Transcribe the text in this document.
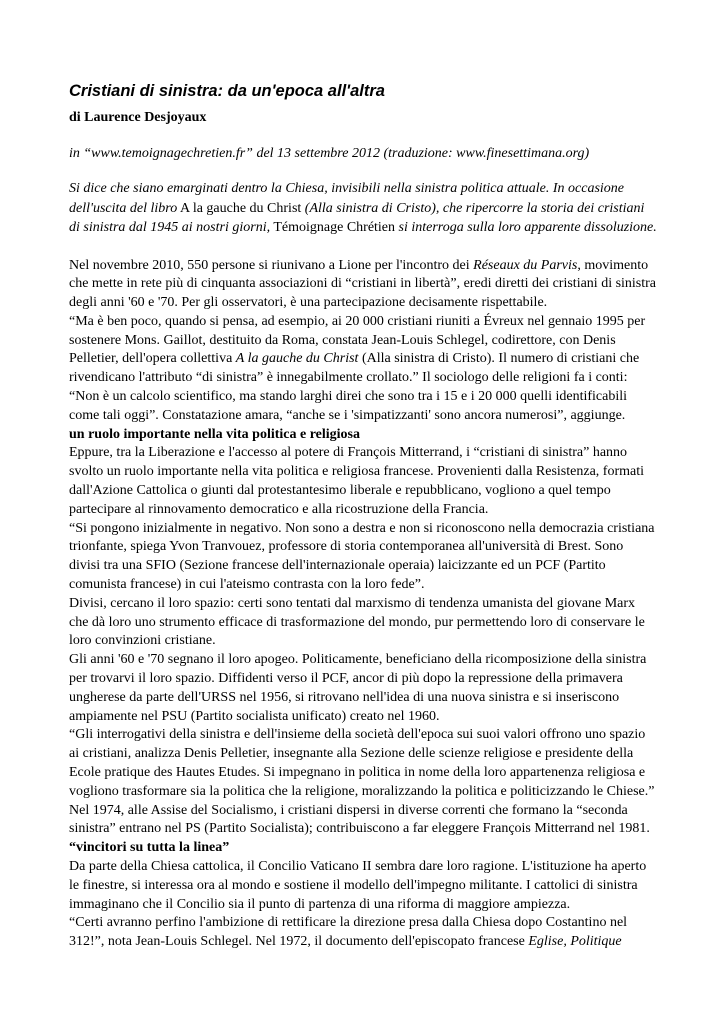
Cristiani di sinistra: da un'epoca all'altra
di Laurence Desjoyaux
in “www.temoignagechretien.fr” del 13 settembre 2012 (traduzione: www.finesettimana.org)
Si dice che siano emarginati dentro la Chiesa, invisibili nella sinistra politica attuale. In occasione dell'uscita del libro A la gauche du Christ (Alla sinistra di Cristo), che ripercorre la storia dei cristiani di sinistra dal 1945 ai nostri giorni, Témoignage Chrétien si interroga sulla loro apparente dissoluzione.

Nel novembre 2010, 550 persone si riunivano a Lione per l'incontro dei Réseaux du Parvis, movimento che mette in rete più di cinquanta associazioni di “cristiani in libertà”, eredi diretti dei cristiani di sinistra degli anni '60 e '70. Per gli osservatori, è una partecipazione decisamente rispettabile.

“Ma è ben poco, quando si pensa, ad esempio, ai 20 000 cristiani riuniti a Évreux nel gennaio 1995 per sostenere Mons. Gaillot, destituito da Roma, constata Jean-Louis Schlegel, codirettore, con Denis Pelletier, dell'opera collettiva A la gauche du Christ (Alla sinistra di Cristo). Il numero di cristiani che rivendicano l'attributo “di sinistra” è innegabilmente crollato.” Il sociologo delle religioni fa i conti: “Non è un calcolo scientifico, ma stando larghi direi che sono tra i 15 e i 20 000 quelli identificabili come tali oggi”. Constatazione amara, “anche se i 'simpatizzanti' sono ancora numerosi”, aggiunge.

un ruolo importante nella vita politica e religiosa

Eppure, tra la Liberazione e l'accesso al potere di François Mitterrand, i “cristiani di sinistra” hanno svolto un ruolo importante nella vita politica e religiosa francese. Provenienti dalla Resistenza, formati dall'Azione Cattolica o giunti dal protestantesimo liberale e repubblicano, vogliono a quel tempo partecipare al rinnovamento democratico e alla ricostruzione della Francia.

“Si pongono inizialmente in negativo. Non sono a destra e non si riconoscono nella democrazia cristiana trionfante, spiega Yvon Tranvouez, professore di storia contemporanea all'università di Brest. Sono divisi tra una SFIO (Sezione francese dell'internazionale operaia) laicizzante ed un PCF (Partito comunista francese) in cui l'ateismo contrasta con la loro fede”.

Divisi, cercano il loro spazio: certi sono tentati dal marxismo di tendenza umanista del giovane Marx che dà loro uno strumento efficace di trasformazione del mondo, pur permettendo loro di conservare le loro convinzioni cristiane.

Gli anni '60 e '70 segnano il loro apogeo. Politicamente, beneficiano della ricomposizione della sinistra per trovarvi il loro spazio. Diffidenti verso il PCF, ancor di più dopo la repressione della primavera ungherese da parte dell'URSS nel 1956, si ritrovano nell'idea di una nuova sinistra e si inseriscono ampiamente nel PSU (Partito socialista unificato) creato nel 1960.

“Gli interrogativi della sinistra e dell'insieme della società dell'epoca sui suoi valori offrono uno spazio ai cristiani, analizza Denis Pelletier, insegnante alla Sezione delle scienze religiose e presidente della Ecole pratique des Hautes Etudes. Si impegnano in politica in nome della loro appartenenza religiosa e vogliono trasformare sia la politica che la religione, moralizzando la politica e politicizzando le Chiese.”

Nel 1974, alle Assise del Socialismo, i cristiani dispersi in diverse correnti che formano la “seconda sinistra” entrano nel PS (Partito Socialista); contribuiscono a far eleggere François Mitterrand nel 1981.

“vincitori su tutta la linea”

Da parte della Chiesa cattolica, il Concilio Vaticano II sembra dare loro ragione. L'istituzione ha aperto le finestre, si interessa ora al mondo e sostiene il modello dell'impegno militante. I cattolici di sinistra immaginano che il Concilio sia il punto di partenza di una riforma di maggiore ampiezza.

“Certi avranno perfino l'ambizione di rettificare la direzione presa dalla Chiesa dopo Costantino nel 312!”, nota Jean-Louis Schlegel. Nel 1972, il documento dell'episcopato francese Eglise, Politique
